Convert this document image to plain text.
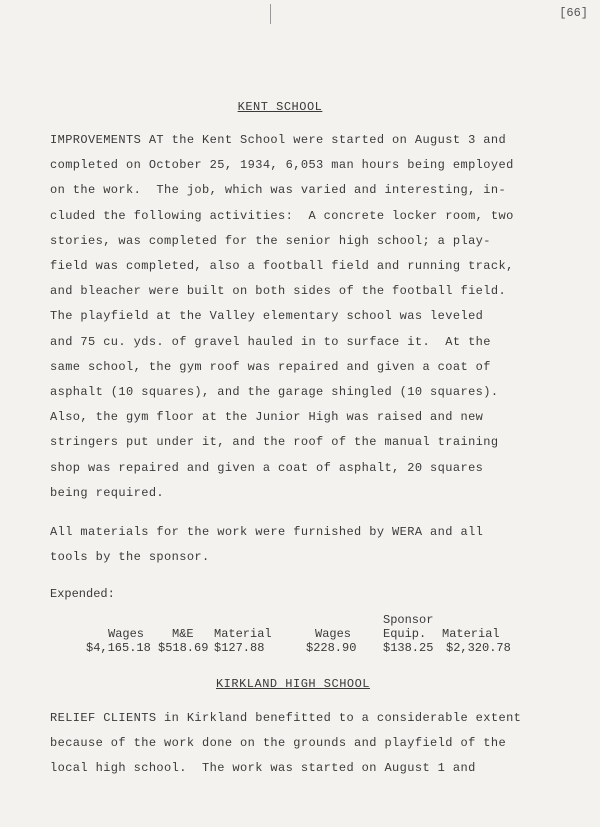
[66]
KENT SCHOOL
IMPROVEMENTS AT the Kent School were started on August 3 and
completed on October 25, 1934, 6,053 man hours being employed
on the work.  The job, which was varied and interesting, in-
cluded the following activities:  A concrete locker room, two
stories, was completed for the senior high school; a play-
field was completed, also a football field and running track,
and bleacher were built on both sides of the football field.
The playfield at the Valley elementary school was leveled
and 75 cu. yds. of gravel hauled in to surface it.  At the
same school, the gym roof was repaired and given a coat of
asphalt (10 squares), and the garage shingled (10 squares).
Also, the gym floor at the Junior High was raised and new
stringers put under it, and the roof of the manual training
shop was repaired and given a coat of asphalt, 20 squares
being required.
All materials for the work were furnished by WERA and all
tools by the sponsor.
Expended:
Wages M&E Material
$4,165.18 $518.69 $127.88
Sponsor
Wages	Equip. Material
$228.90 $138.25 $2,320.78
KIRKLAND HIGH SCHOOL
RELIEF CLIENTS in Kirkland benefitted to a considerable extent
because of the work done on the grounds and playfield of the
local high school.  The work was started on August 1 and
